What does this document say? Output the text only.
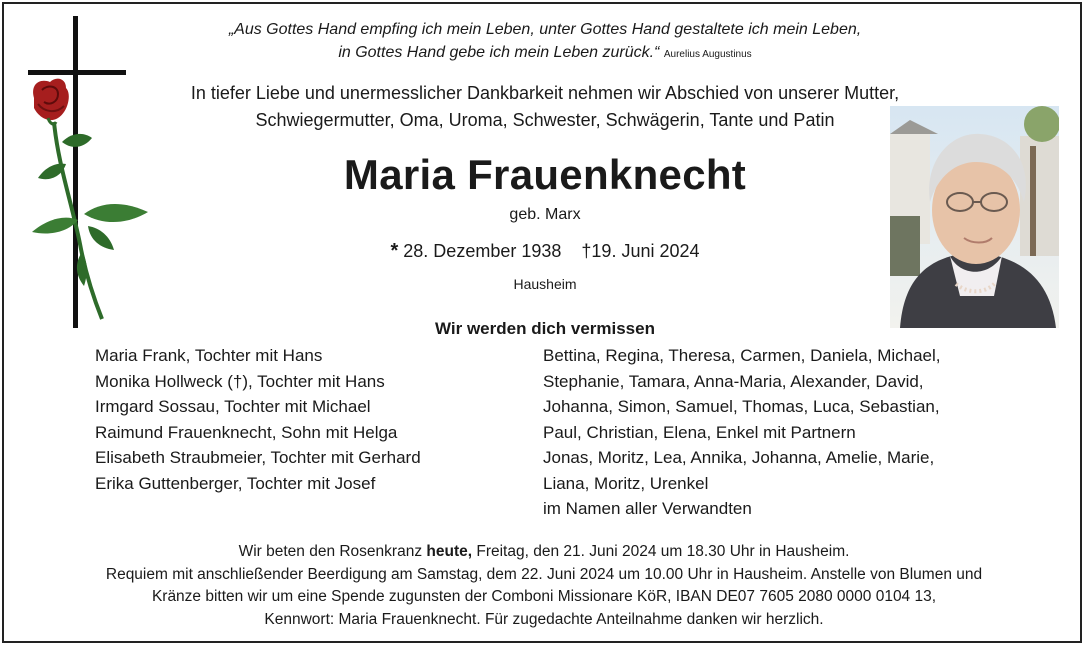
„Aus Gottes Hand empfing ich mein Leben, unter Gottes Hand gestaltete ich mein Leben,
in Gottes Hand gebe ich mein Leben zurück.“ Aurelius Augustinus
In tiefer Liebe und unermesslicher Dankbarkeit nehmen wir Abschied von unserer Mutter,
Schwiegermutter, Oma, Uroma, Schwester, Schwägerin, Tante und Patin
Maria Frauenknecht
geb. Marx
* 28. Dezember 1938 †19. Juni 2024
Hausheim
Wir werden dich vermissen
Maria Frank, Tochter mit Hans
Monika Hollweck (†), Tochter mit Hans
Irmgard Sossau, Tochter mit Michael
Raimund Frauenknecht, Sohn mit Helga
Elisabeth Straubmeier, Tochter mit Gerhard
Erika Guttenberger, Tochter mit Josef
Bettina, Regina, Theresa, Carmen, Daniela, Michael,
Stephanie, Tamara, Anna-Maria, Alexander, David,
Johanna, Simon, Samuel, Thomas, Luca, Sebastian,
Paul, Christian, Elena, Enkel mit Partnern
Jonas, Moritz, Lea, Annika, Johanna, Amelie, Marie,
Liana, Moritz, Urenkel
im Namen aller Verwandten
Wir beten den Rosenkranz heute, Freitag, den 21. Juni 2024 um 18.30 Uhr in Hausheim.
Requiem mit anschließender Beerdigung am Samstag, dem 22. Juni 2024 um 10.00 Uhr in Hausheim. Anstelle von Blumen und
Kränze bitten wir um eine Spende zugunsten der Comboni Missionare KöR, IBAN DE07 7605 2080 0000 0104 13,
Kennwort: Maria Frauenknecht. Für zugedachte Anteilnahme danken wir herzlich.
